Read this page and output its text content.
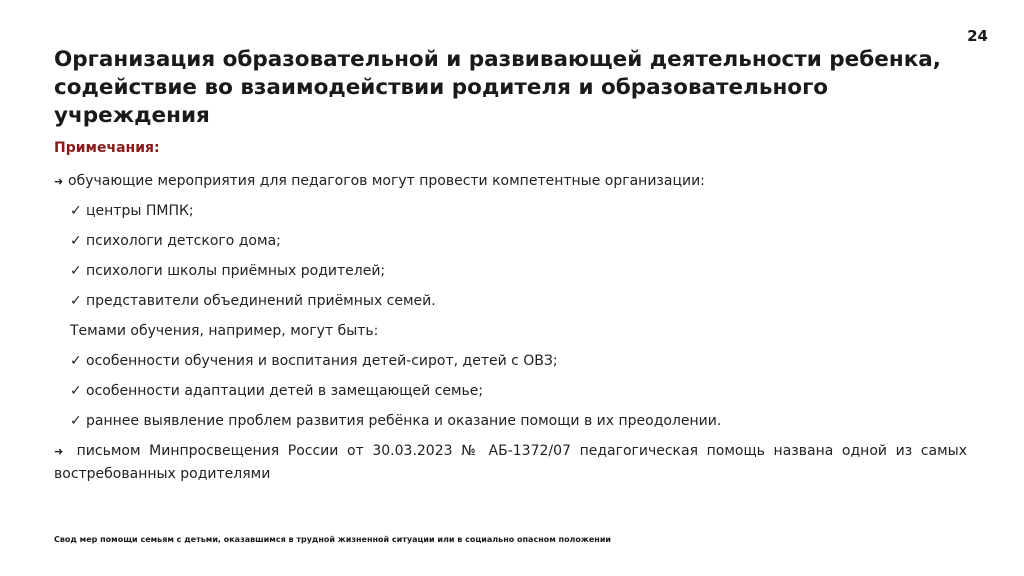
24
Организация образовательной и развивающей деятельности ребенка, содействие во взаимодействии родителя и образовательного учреждения
Примечания:
➜ обучающие мероприятия для педагогов могут провести компетентные организации:
✓ центры ПМПК;
✓ психологи детского дома;
✓ психологи школы приёмных родителей;
✓ представители объединений приёмных семей.
Темами обучения, например, могут быть:
✓ особенности обучения и воспитания детей-сирот, детей с ОВЗ;
✓ особенности адаптации детей в замещающей семье;
✓ раннее выявление проблем развития ребёнка и оказание помощи в их преодолении.
➜ письмом Минпросвещения России от 30.03.2023 № АБ-1372/07 педагогическая помощь названа одной из самых востребованных родителями
Свод мер помощи семьям с детьми, оказавшимся в трудной жизненной ситуации или в социально опасном положении
